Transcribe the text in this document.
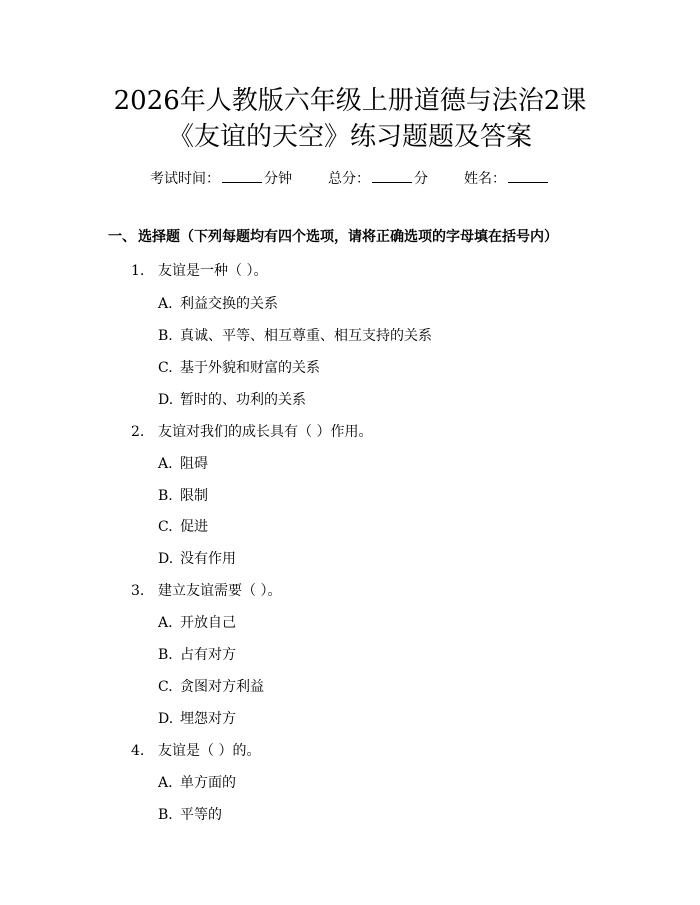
2026年人教版六年级上册道德与法治2课
《友谊的天空》练习题题及答案
考试时间：	分钟	总分：	分	姓名：
一、 选择题（下列每题均有四个选项，请将正确选项的字母填在括号内）
1. 友谊是一种（ ）。
A. 利益交换的关系
B. 真诚、平等、相互尊重、相互支持的关系
C. 基于外貌和财富的关系
D. 暂时的、功利的关系
2. 友谊对我们的成长具有（ ）作用。
A. 阻碍
B. 限制
C. 促进
D. 没有作用
3. 建立友谊需要（ ）。
A. 开放自己
B. 占有对方
C. 贪图对方利益
D. 埋怨对方
4. 友谊是（ ）的。
A. 单方面的
B. 平等的
